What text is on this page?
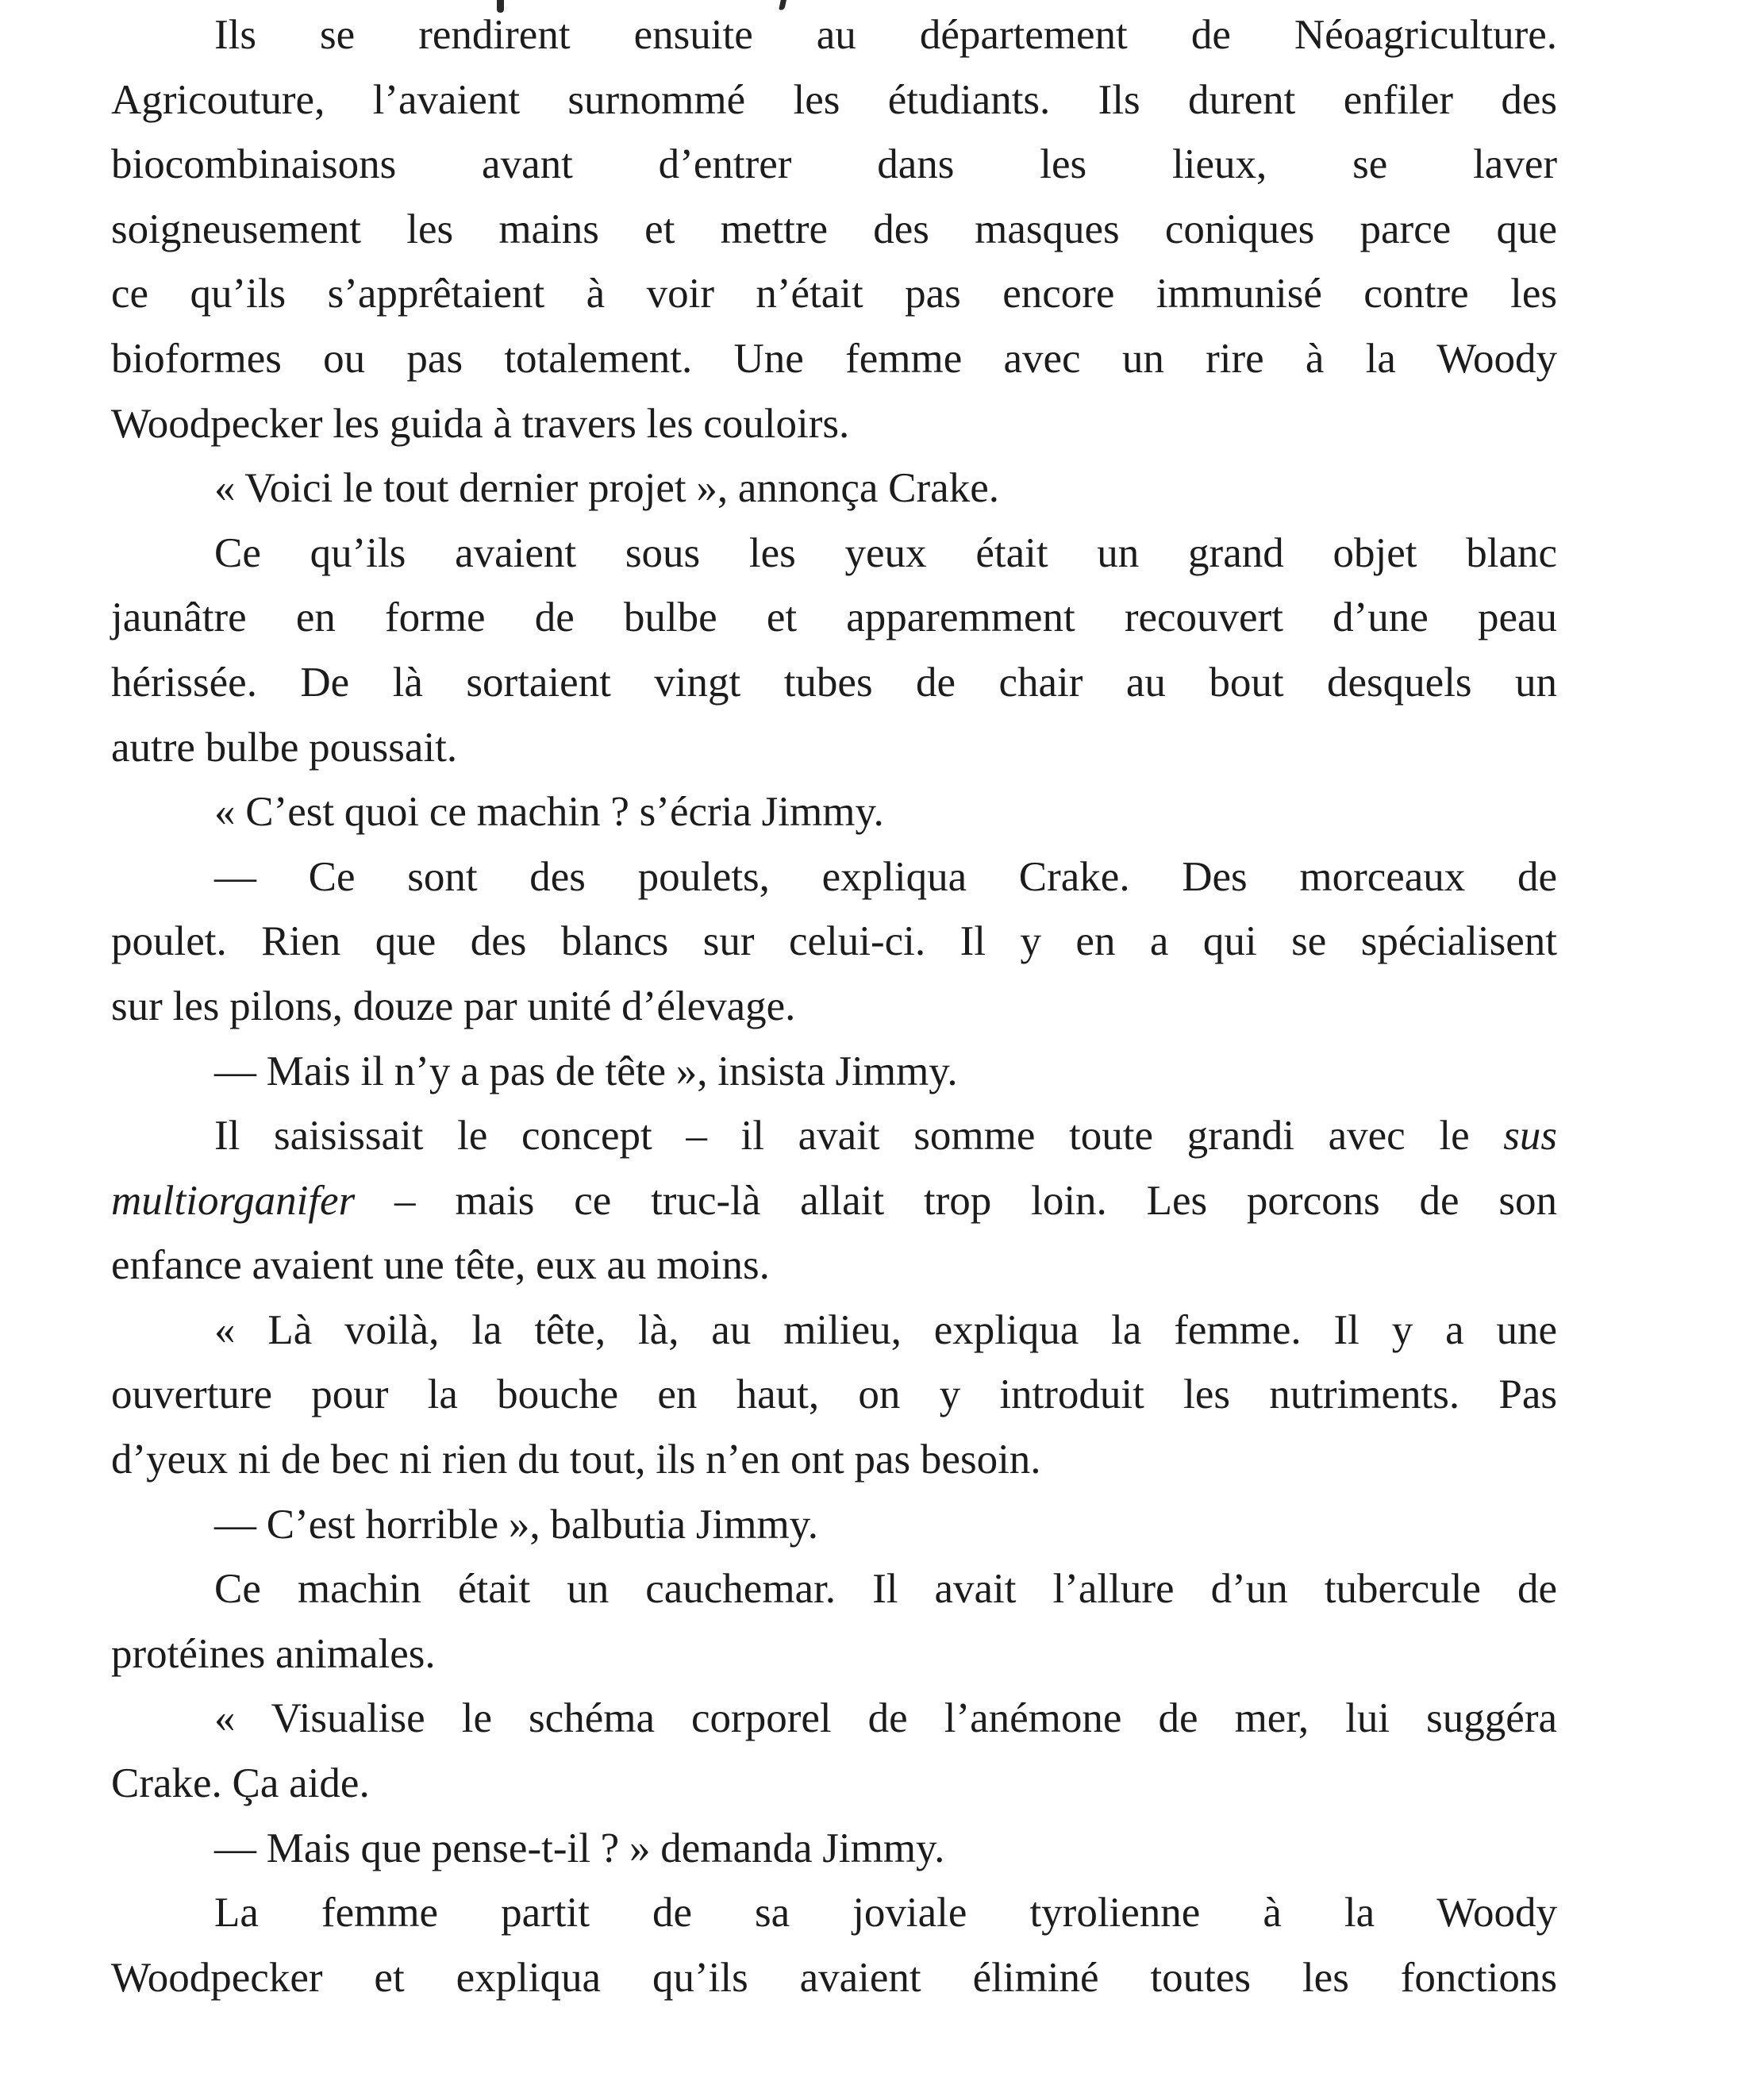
Ils se rendirent ensuite au département de Néoagriculture.
Agricouture, l’avaient surnommé les étudiants. Ils durent enfiler des
biocombinaisons avant d’entrer dans les lieux, se laver
soigneusement les mains et mettre des masques coniques parce que
ce qu’ils s’apprêtaient à voir n’était pas encore immunisé contre les
bioformes ou pas totalement. Une femme avec un rire à la Woody
Woodpecker les guida à travers les couloirs.
« Voici le tout dernier projet », annonça Crake.
Ce qu’ils avaient sous les yeux était un grand objet blanc
jaunâtre en forme de bulbe et apparemment recouvert d’une peau
hérissée. De là sortaient vingt tubes de chair au bout desquels un
autre bulbe poussait.
« C’est quoi ce machin ? s’écria Jimmy.
— Ce sont des poulets, expliqua Crake. Des morceaux de
poulet. Rien que des blancs sur celui-ci. Il y en a qui se spécialisent
sur les pilons, douze par unité d’élevage.
— Mais il n’y a pas de tête », insista Jimmy.
Il saisissait le concept – il avait somme toute grandi avec le sus
multiorganifer – mais ce truc-là allait trop loin. Les porcons de son
enfance avaient une tête, eux au moins.
« Là voilà, la tête, là, au milieu, expliqua la femme. Il y a une
ouverture pour la bouche en haut, on y introduit les nutriments. Pas
d’yeux ni de bec ni rien du tout, ils n’en ont pas besoin.
— C’est horrible », balbutia Jimmy.
Ce machin était un cauchemar. Il avait l’allure d’un tubercule de
protéines animales.
« Visualise le schéma corporel de l’anémone de mer, lui suggéra
Crake. Ça aide.
— Mais que pense-t-il ? » demanda Jimmy.
La femme partit de sa joviale tyrolienne à la Woody
Woodpecker et expliqua qu’ils avaient éliminé toutes les fonctions
